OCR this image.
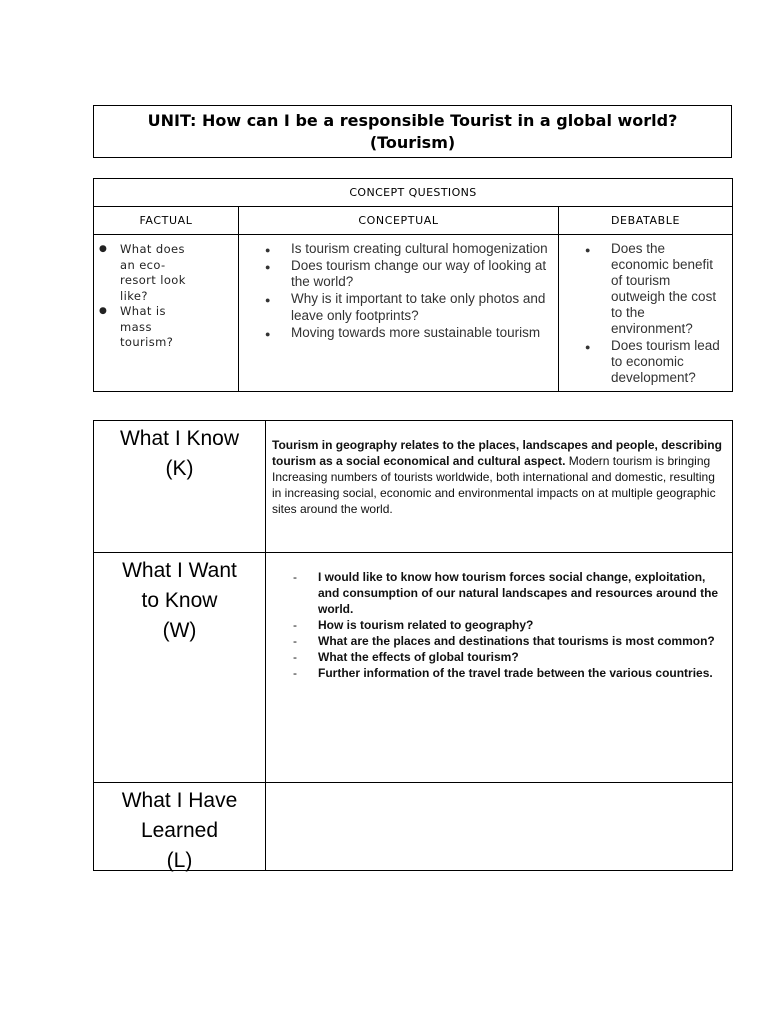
UNIT: How can I be a responsible Tourist in a global world?
(Tourism)
CONCEPT QUESTIONS
FACTUAL	CONCEPTUAL	DEBATABLE
● What does an eco-resort look like?
● What is mass tourism?
● Is tourism creating cultural homogenization
● Does tourism change our way of looking at the world?
● Why is it important to take only photos and leave only footprints?
● Moving towards more sustainable tourism
● Does the economic benefit of tourism outweigh the cost to the environment?
● Does tourism lead to economic development?
What I Know
(K)
Tourism in geography relates to the places, landscapes and people, describing tourism as a social economical and cultural aspect. Modern tourism is bringing Increasing numbers of tourists worldwide, both international and domestic, resulting in increasing social, economic and environmental impacts on at multiple geographic sites around the world.
What I Want
to Know
(W)
- I would like to know how tourism forces social change, exploitation, and consumption of our natural landscapes and resources around the world.
- How is tourism related to geography?
- What are the places and destinations that tourisms is most common?
- What the effects of global tourism?
- Further information of the travel trade between the various countries.
What I Have
Learned
(L)
